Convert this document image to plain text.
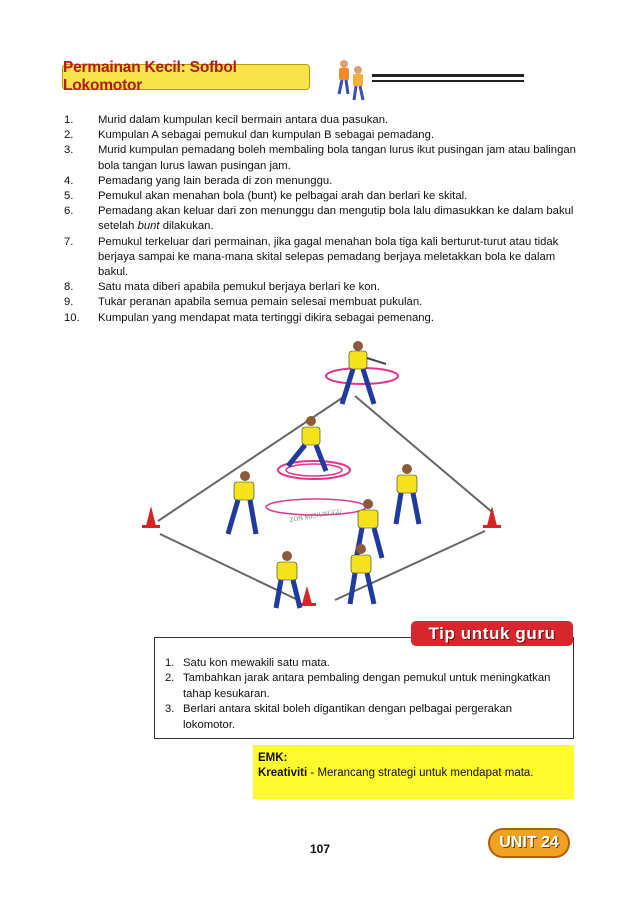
Permainan Kecil: Sofbol Lokomotor
1. Murid dalam kumpulan kecil bermain antara dua pasukan.
2. Kumpulan A sebagai pemukul dan kumpulan B sebagai pemadang.
3. Murid kumpulan pemadang boleh membaling bola tangan lurus ikut pusingan jam atau balingan bola tangan lurus lawan pusingan jam.
4. Pemadang yang lain berada di zon menunggu.
5. Pemukul akan menahan bola (bunt) ke pelbagai arah dan berlari ke skital.
6. Pemadang akan keluar dari zon menunggu dan mengutip bola lalu dimasukkan ke dalam bakul setelah bunt dilakukan.
7. Pemukul terkeluar dari permainan, jika gagal menahan bola tiga kali berturut-turut atau tidak berjaya sampai ke mana-mana skital selepas pemadang berjaya meletakkan bola ke dalam bakul.
8. Satu mata diberi apabila pemukul berjaya berlari ke kon.
9. Tukar peranan apabila semua pemain selesai membuat pukulan.
10. Kumpulan yang mendapat mata tertinggi dikira sebagai pemenang.
ZON MENUNGGU
Tip untuk guru
1. Satu kon mewakili satu mata.
2. Tambahkan jarak antara pembaling dengan pemukul untuk meningkatkan tahap kesukaran.
3. Berlari antara skital boleh digantikan dengan pelbagai pergerakan lokomotor.
EMK:
Kreativiti - Merancang strategi untuk mendapat mata.
107	UNIT 24
